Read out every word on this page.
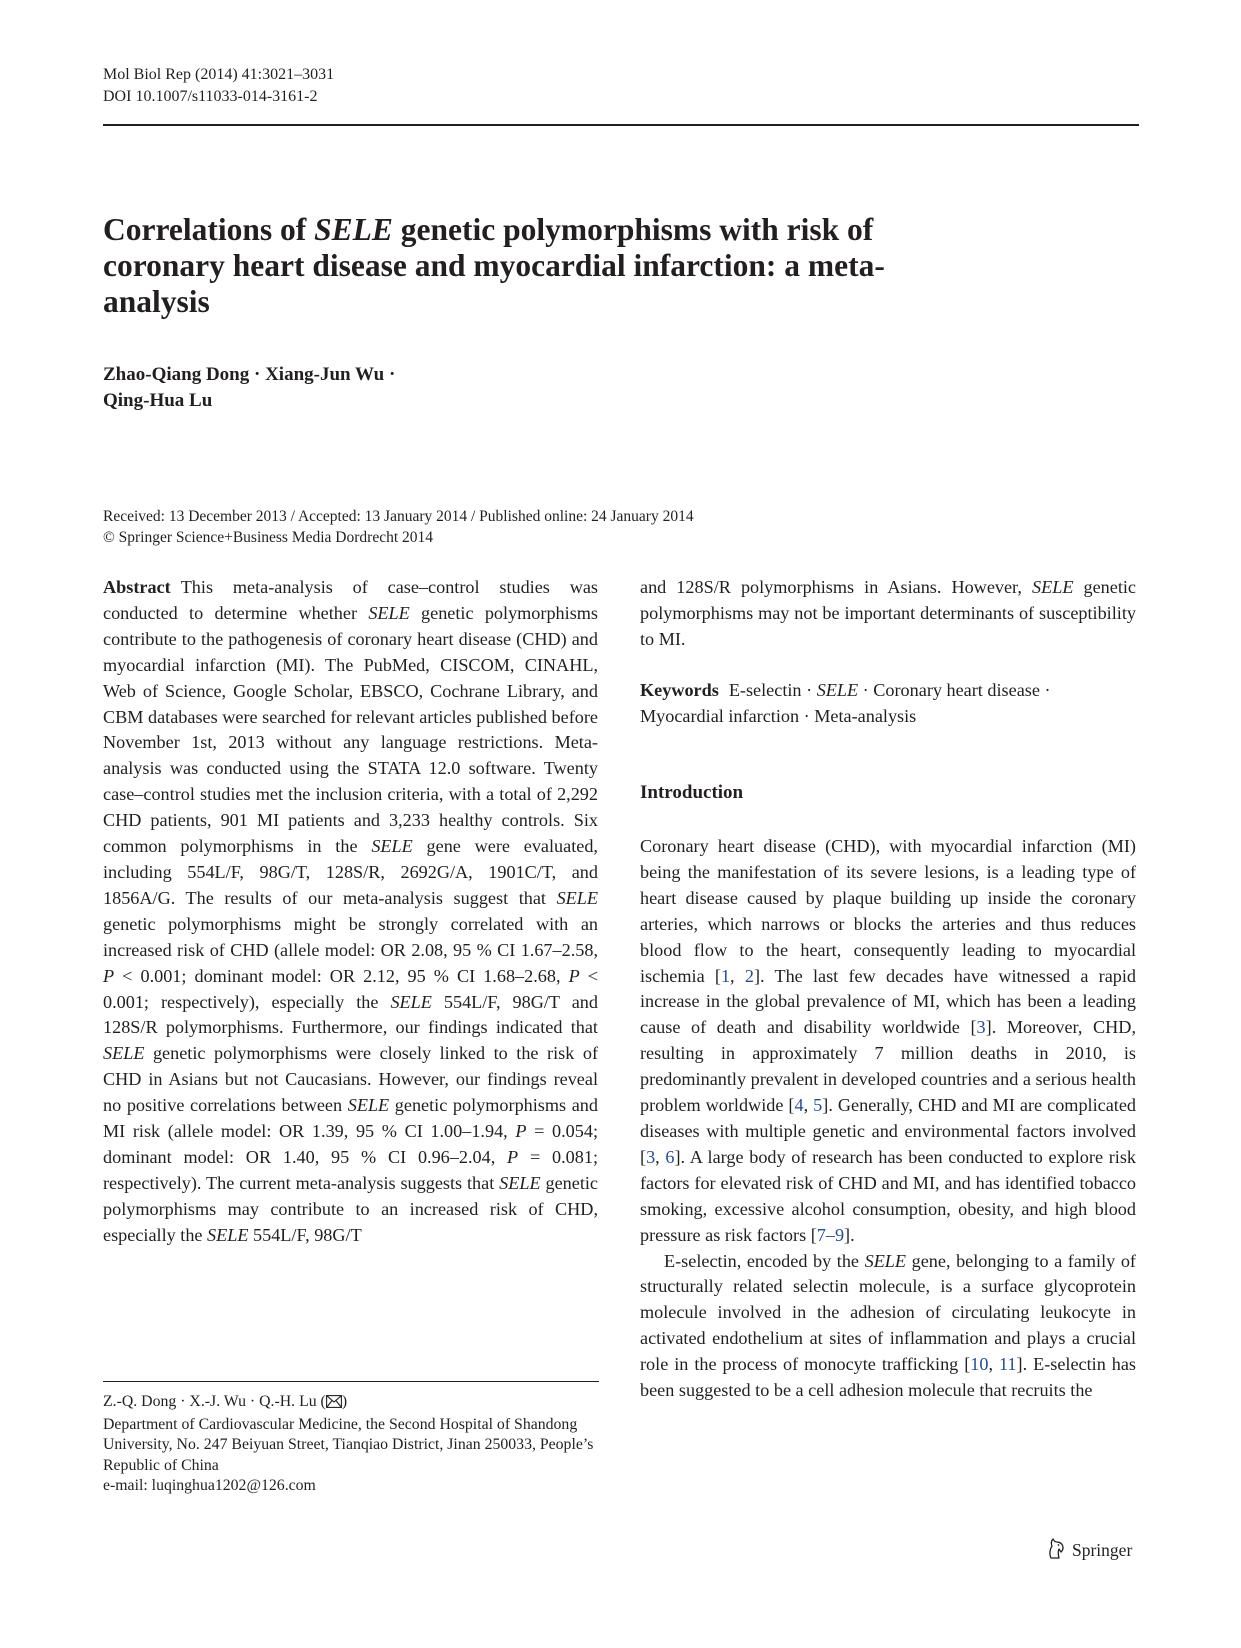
Mol Biol Rep (2014) 41:3021–3031
DOI 10.1007/s11033-014-3161-2
Correlations of SELE genetic polymorphisms with risk of coronary heart disease and myocardial infarction: a meta-analysis
Zhao-Qiang Dong · Xiang-Jun Wu ·
Qing-Hua Lu
Received: 13 December 2013 / Accepted: 13 January 2014 / Published online: 24 January 2014
© Springer Science+Business Media Dordrecht 2014

Abstract This meta-analysis of case–control studies was conducted to determine whether SELE genetic polymorphisms contribute to the pathogenesis of coronary heart disease (CHD) and myocardial infarction (MI). The PubMed, CISCOM, CINAHL, Web of Science, Google Scholar, EBSCO, Cochrane Library, and CBM databases were searched for relevant articles published before November 1st, 2013 without any language restrictions. Meta-analysis was conducted using the STATA 12.0 software. Twenty case–control studies met the inclusion criteria, with a total of 2,292 CHD patients, 901 MI patients and 3,233 healthy controls. Six common polymorphisms in the SELE gene were evaluated, including 554L/F, 98G/T, 128S/R, 2692G/A, 1901C/T, and 1856A/G. The results of our meta-analysis suggest that SELE genetic polymorphisms might be strongly correlated with an increased risk of CHD (allele model: OR 2.08, 95 % CI 1.67–2.58, P < 0.001; dominant model: OR 2.12, 95 % CI 1.68–2.68, P < 0.001; respectively), especially the SELE 554L/F, 98G/T and 128S/R polymorphisms. Furthermore, our findings indicated that SELE genetic polymorphisms were closely linked to the risk of CHD in Asians but not Caucasians. However, our findings reveal no positive correlations between SELE genetic polymorphisms and MI risk (allele model: OR 1.39, 95 % CI 1.00–1.94, P = 0.054; dominant model: OR 1.40, 95 % CI 0.96–2.04, P = 0.081; respectively). The current meta-analysis suggests that SELE genetic polymorphisms may contribute to an increased risk of CHD, especially the SELE 554L/F, 98G/T

and 128S/R polymorphisms in Asians. However, SELE genetic polymorphisms may not be important determinants of susceptibility to MI.

Keywords E-selectin · SELE · Coronary heart disease · Myocardial infarction · Meta-analysis

Introduction

Coronary heart disease (CHD), with myocardial infarction (MI) being the manifestation of its severe lesions, is a leading type of heart disease caused by plaque building up inside the coronary arteries, which narrows or blocks the arteries and thus reduces blood flow to the heart, consequently leading to myocardial ischemia [1, 2]. The last few decades have witnessed a rapid increase in the global prevalence of MI, which has been a leading cause of death and disability worldwide [3]. Moreover, CHD, resulting in approximately 7 million deaths in 2010, is predominantly prevalent in developed countries and a serious health problem worldwide [4, 5]. Generally, CHD and MI are complicated diseases with multiple genetic and environmental factors involved [3, 6]. A large body of research has been conducted to explore risk factors for elevated risk of CHD and MI, and has identified tobacco smoking, excessive alcohol consumption, obesity, and high blood pressure as risk factors [7–9].

E-selectin, encoded by the SELE gene, belonging to a family of structurally related selectin molecule, is a surface glycoprotein molecule involved in the adhesion of circulating leukocyte in activated endothelium at sites of inflammation and plays a crucial role in the process of monocyte trafficking [10, 11]. E-selectin has been suggested to be a cell adhesion molecule that recruits the

Z.-Q. Dong · X.-J. Wu · Q.-H. Lu ( )
Department of Cardiovascular Medicine, the Second Hospital of Shandong University, No. 247 Beiyuan Street, Tianqiao District, Jinan 250033, People’s Republic of China
e-mail: luqinghua1202@126.com
Springer
